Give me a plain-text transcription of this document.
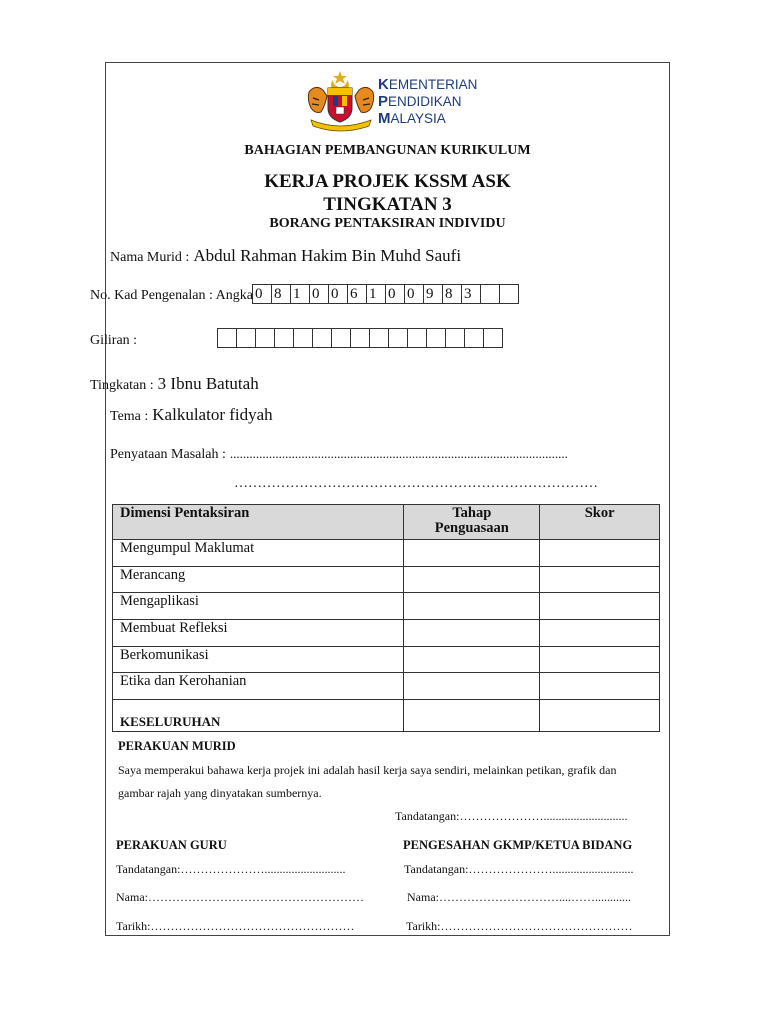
KEMENTERIAN
PENDIDIKAN
MALAYSIA
BAHAGIAN PEMBANGUNAN KURIKULUM
KERJA PROJEK KSSM ASK
TINGKATAN 3
BORANG PENTAKSIRAN INDIVIDU
Nama Murid : Abdul Rahman Hakim Bin Muhd Saufi
No. Kad Pengenalan : Angka 0 8 1 0 0 6 1 0 0 9 8 3
Giliran :
Tingkatan : 3 Ibnu Batutah
Tema : Kalkulator fidyah
Penyataan Masalah : ........................................................................................................
……………………………………………………………………
Dimensi Pentaksiran	Tahap Penguasaan	Skor
Mengumpul Maklumat		
Merancang		
Mengaplikasi		
Membuat Refleksi		
Berkomunikasi		
Etika dan Kerohanian		
KESELURUHAN		
PERAKUAN MURID
Saya memperakui bahawa kerja projek ini adalah hasil kerja saya sendiri, melainkan petikan, grafik dan
gambar rajah yang dinyatakan sumbernya.
Tandatangan:…………………............................
PERAKUAN GURU
Tandatangan:…………………...........................
Nama:………………………………………………
Tarikh:……………………………………………
PENGESAHAN GKMP/KETUA BIDANG
Tandatangan:…………………...........................
Nama:…………………………....……............
Tarikh:…………………………………………
